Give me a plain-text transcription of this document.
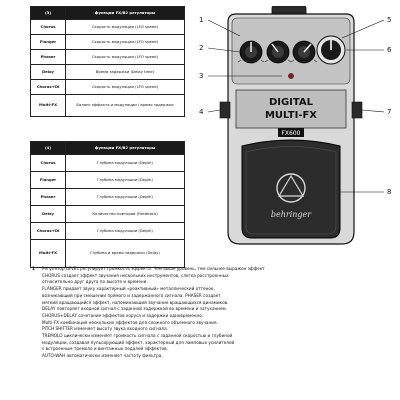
(3)	функции FX/B2 регуляторы
Chorus	Скорость модуляции (LFO speed)
Flanger	Скорость модуляции (LFO speed)
Phaser	Скорость модуляции (LFO speed)
Delay	Время задержки (Delay time)
Chorus+Dl	Скорость модуляции (LFO speed)
Multi-FX	Баланс эффекта и модуляции / время задержки
(4)	функции FX/B2 регуляторы
Chorus	Глубина модуляции (Depth)
Flanger	Глубина модуляции (Depth)
Phaser	Глубина модуляции (Depth)
Delay	Количество повторов (Feedback)
Chorus+Dl	Глубина модуляции (Depth)
Multi-FX	Глубина и время задержки (Delay)
DIGITAL
MULTI-FX
FX600
behringer
1
2
3
4
5
6
7
8
1 Регулятор LEVEL регулирует громкость эффекта. Чем выше уровень, тем сильнее выражен эффект
CHORUS создает эффект звучания нескольких инструментов, слегка расстроенных
относительно друг друга по высоте и времени.
FLANGER придает звуку характерный «реактивный» металлический оттенок,
возникающий при смешении прямого и задержанного сигнала. PHASER создает
мягкий вращающийся эффект, напоминающий звучание вращающихся динамиков.
DELAY повторяет входной сигнал с заданной задержкой во времени и затуханием.
CHORUS+DELAY сочетание эффектов хоруса и задержки одновременно.
Multi-FX комбинация нескольких эффектов для сложного объемного звучания.
PITCH SHIFTER изменяет высоту звука входного сигнала.
TREMOLO циклически изменяет громкость сигнала с заданной скоростью и глубиной
модуляции, создавая пульсирующий эффект, характерный для ламповых усилителей
с встроенным тремоло и винтажных педалей эффектов.
AUTO-WAH автоматически изменяет частоту фильтра.
